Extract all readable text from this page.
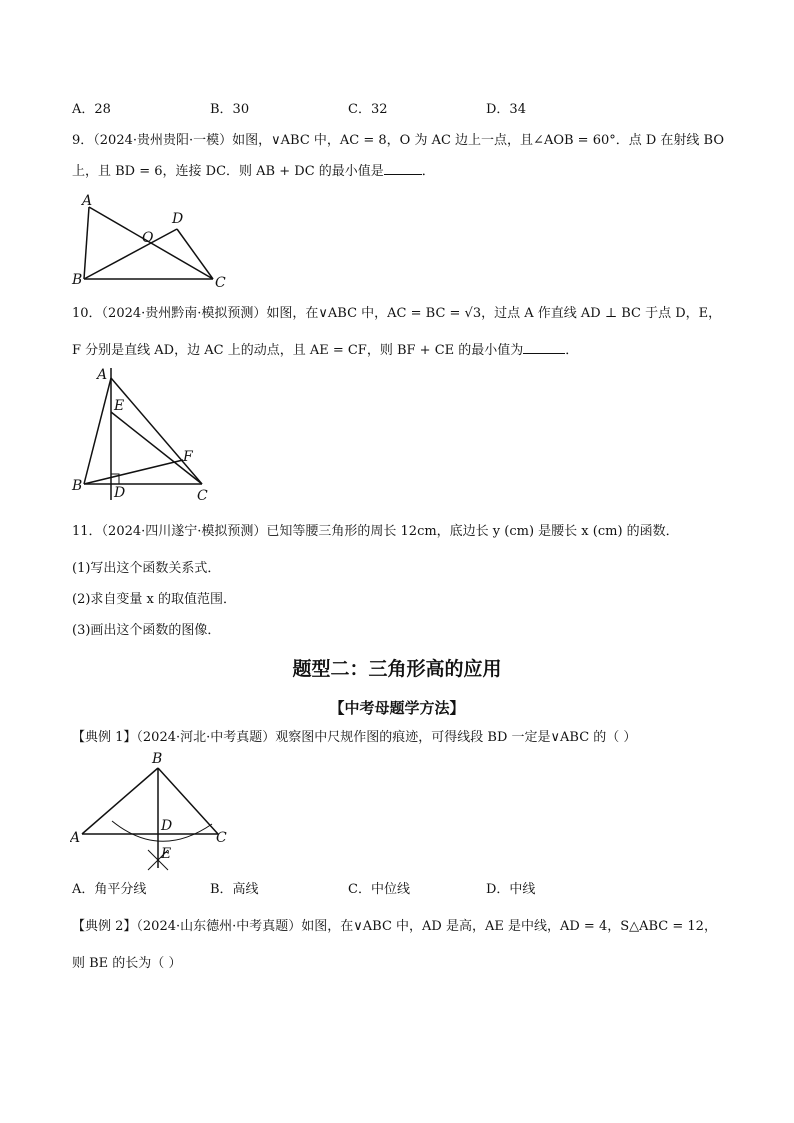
A．28	B．30	C．32	D．34
9．（2024·贵州贵阳·一模）如图，∨ABC 中，AC = 8，O 为 AC 边上一点，且∠AOB = 60°．点 D 在射线 BO
上，且 BD = 6，连接 DC．则 AB + DC 的最小值是	．
A
B	C
D
O
10．（2024·贵州黔南·模拟预测）如图，在∨ABC 中，AC = BC = √3，过点 A 作直线 AD ⊥ BC 于点 D，E，
F 分别是直线 AD，边 AC 上的动点，且 AE = CF，则 BF + CE 的最小值为	．
A
B
C
D
E
F
11．（2024·四川遂宁·模拟预测）已知等腰三角形的周长 12cm，底边长 y (cm) 是腰长 x (cm) 的函数．
(1)写出这个函数关系式．
(2)求自变量 x 的取值范围．
(3)画出这个函数的图像．
题型二：三角形高的应用
【中考母题学方法】
【典例 1】（2024·河北·中考真题）观察图中尺规作图的痕迹，可得线段 BD 一定是∨ABC 的（ ）
B
A	C
D
E
A．角平分线	B．高线	C．中位线	D．中线
【典例 2】（2024·山东德州·中考真题）如图，在∨ABC 中，AD 是高，AE 是中线，AD = 4，S△ABC = 12，
则 BE 的长为（ ）
